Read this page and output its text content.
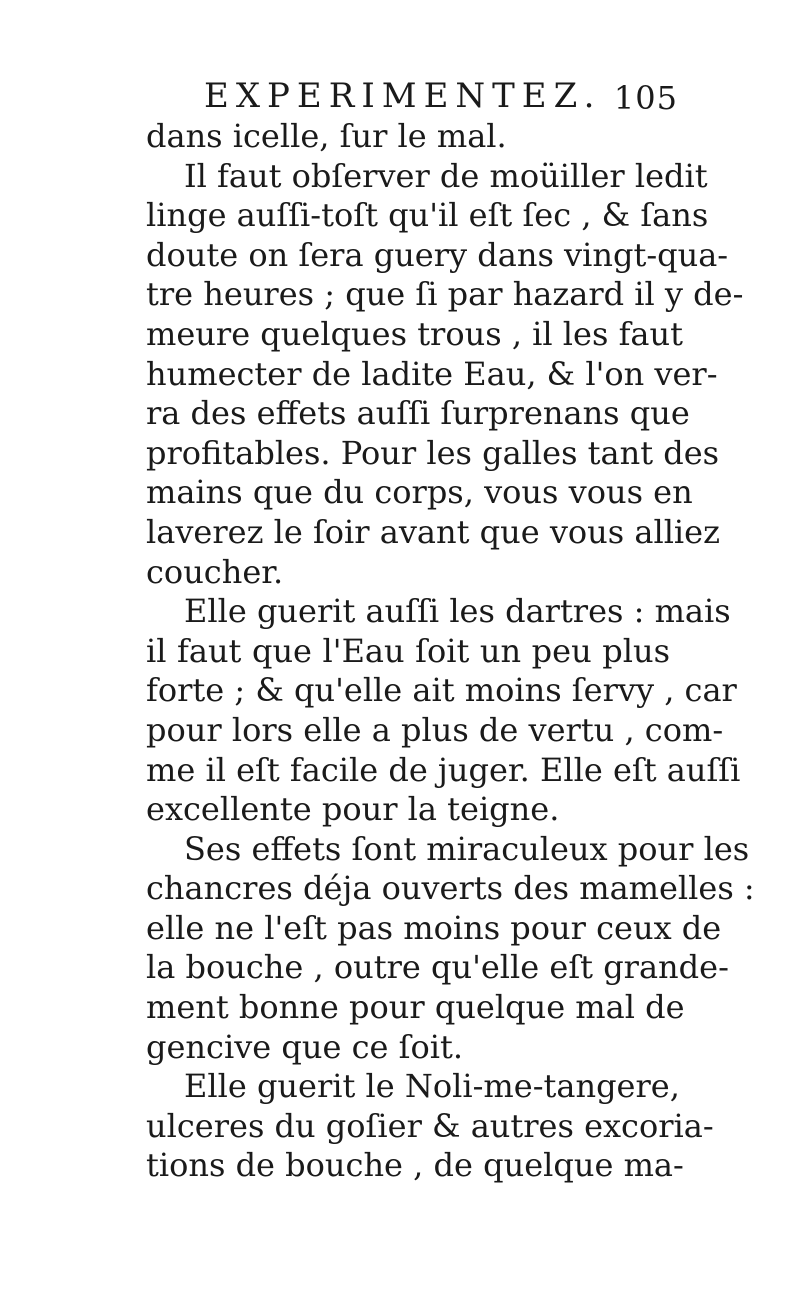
EXPERIMENTEZ. 105
dans icelle, ſur le mal.
Il faut obſerver de moüiller ledit
linge auſſi-toſt qu'il eſt ſec , & ſans
doute on ſera guery dans vingt-qua-
tre heures ; que ſi par hazard il y de-
meure quelques trous , il les faut
humecter de ladite Eau, & l'on ver-
ra des effets auſſi ſurprenans que
profitables. Pour les galles tant des
mains que du corps, vous vous en
laverez le ſoir avant que vous alliez
coucher.
Elle guerit auſſi les dartres : mais
il faut que l'Eau ſoit un peu plus
forte ; & qu'elle ait moins ſervy , car
pour lors elle a plus de vertu , com-
me il eſt facile de juger. Elle eſt auſſi
excellente pour la teigne.
Ses effets ſont miraculeux pour les
chancres déja ouverts des mamelles :
elle ne l'eſt pas moins pour ceux de
la bouche , outre qu'elle eſt grande-
ment bonne pour quelque mal de
gencive que ce ſoit.
Elle guerit le Noli-me-tangere,
ulceres du goſier & autres excoria-
tions de bouche , de quelque ma-
